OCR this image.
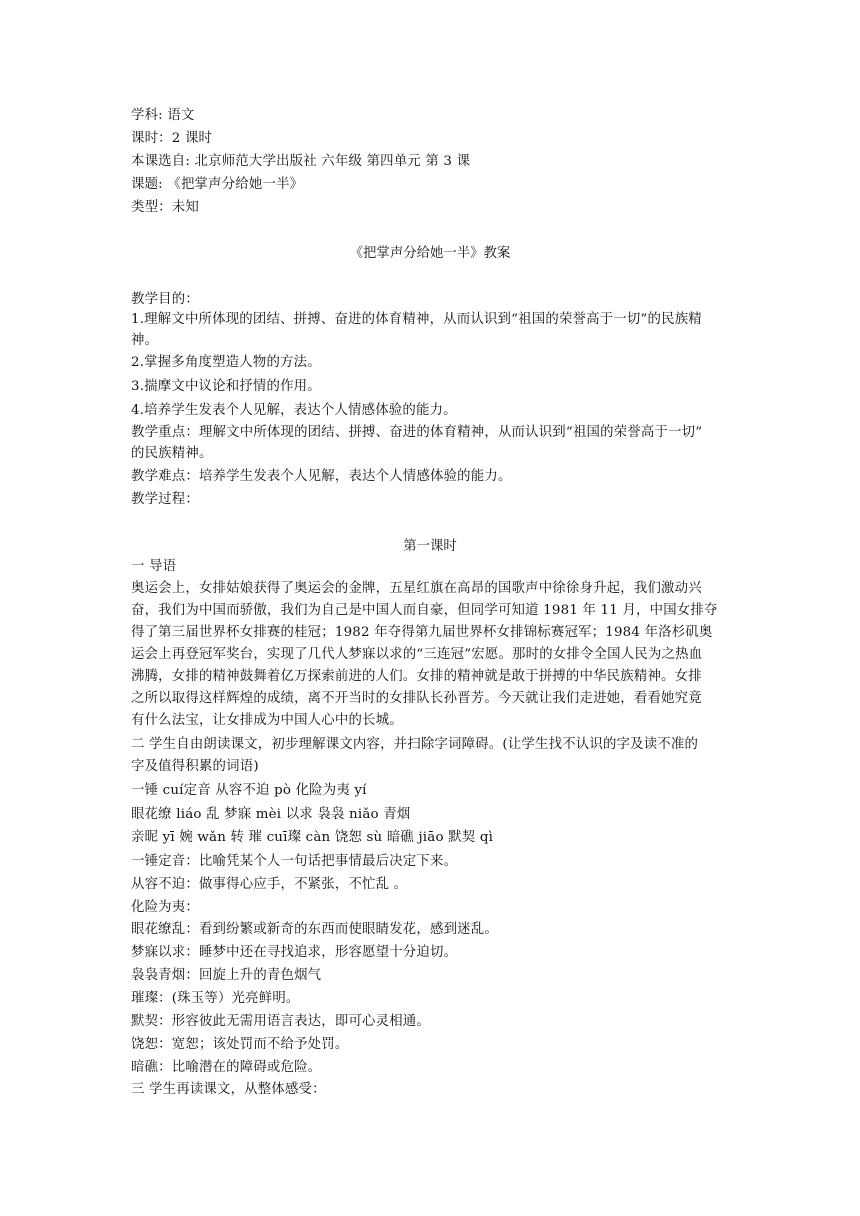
学科: 语文
课时：2 课时
本课选自: 北京师范大学出版社 六年级 第四单元 第 3 课
课题: 《把掌声分给她一半》
类型：未知
《把掌声分给她一半》教案
教学目的：
1.理解文中所体现的团结、拼搏、奋进的体育精神，从而认识到“祖国的荣誉高于一切”的民族精
神。
2.掌握多角度塑造人物的方法。
3.揣摩文中议论和抒情的作用。
4.培养学生发表个人见解，表达个人情感体验的能力。
教学重点：理解文中所体现的团结、拼搏、奋进的体育精神，从而认识到“祖国的荣誉高于一切”
的民族精神。
教学难点：培养学生发表个人见解，表达个人情感体验的能力。
教学过程：
第一课时
一 导语
奥运会上，女排姑娘获得了奥运会的金牌，五星红旗在高昂的国歌声中徐徐身升起，我们激动兴
奋，我们为中国而骄傲，我们为自己是中国人而自豪，但同学可知道 1981 年 11 月，中国女排夺
得了第三届世界杯女排赛的桂冠；1982 年夺得第九届世界杯女排锦标赛冠军；1984 年洛杉矶奥
运会上再登冠军奖台，实现了几代人梦寐以求的“三连冠”宏愿。那时的女排令全国人民为之热血
沸腾，女排的精神鼓舞着亿万探索前进的人们。女排的精神就是敢于拼搏的中华民族精神。女排
之所以取得这样辉煌的成绩，离不开当时的女排队长孙晋芳。今天就让我们走进她，看看她究竟
有什么法宝，让女排成为中国人心中的长城。
二 学生自由朗读课文，初步理解课文内容，并扫除字词障碍。(让学生找不认识的字及读不准的
字及值得积累的词语)
一锤 cuí定音 从容不迫 pò 化险为夷 yí
眼花缭 liáo 乱 梦寐 mèi 以求 袅袅 niǎo 青烟
亲昵 yī 婉 wǎn 转 璀 cuī璨 càn 饶恕 sù 暗礁 jiāo 默契 qì
一锤定音：比喻凭某个人一句话把事情最后决定下来。
从容不迫：做事得心应手，不紧张，不忙乱 。
化险为夷：
眼花缭乱：看到纷繁或新奇的东西而使眼睛发花，感到迷乱。
梦寐以求：睡梦中还在寻找追求，形容愿望十分迫切。
袅袅青烟：回旋上升的青色烟气
璀璨：(珠玉等）光亮鲜明。
默契：形容彼此无需用语言表达，即可心灵相通。
饶恕：宽恕；该处罚而不给予处罚。
暗礁：比喻潜在的障碍或危险。
三 学生再读课文，从整体感受：
